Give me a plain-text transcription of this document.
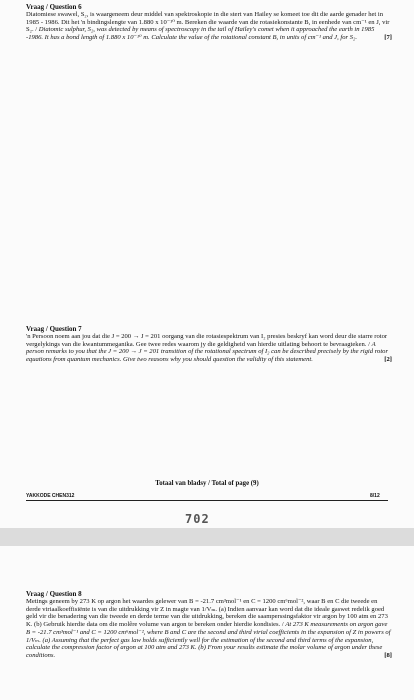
Vraag / Question 6
Diatomiese swawel, S₂, is waargeneem deur middel van spektroskopie in die stert van Hailey se komeet toe dit die aarde genader het in 1985 - 1986. Dit het 'n bindingslengte van 1.880 x 10⁻¹⁰ m. Bereken die waarde van die rotasiekonstante B, in eenhede van cm⁻¹ en J, vir S₂. / Diatomic sulphur, S₂, was detected by means of spectroscopy in the tail of Hailey's comet when it approached the earth in 1985 -1986. It has a bond length of 1.880 x 10⁻¹⁰ m. Calculate the value of the rotational constant B, in units of cm⁻¹ and J, for S₂.	[7]
Vraag / Question 7
'n Persoon noem aan jou dat die J = 200 → J = 201 oorgang van die rotasiespektrum van I₂ presies beskryf kan word deur die starre rotor vergelykings van die kwantummeganika. Gee twee redes waarom jy die geldigheid van hierdie uitlating behoort te bevraagteken. / A person remarks to you that the J = 200 → J = 201 transition of the rotational spectrum of I₂ can be described precisely by the rigid rotor equations from quantum mechanics. Give two reasons why you should question the validity of this statement.	[2]
Totaal van bladsy / Total of page (9)
YAKKODE CHEN312	8/12
702
Vraag / Question 8
Metings geneem by 273 K op argon het waardes gelewer van B = -21.7 cm³mol⁻¹ en C = 1200 cm⁶mol⁻², waar B en C die tweede en derde viriaalkoeffisiënte is van die uitdrukking vir Z in magte van 1/Vₘ. (a) Indien aanvaar kan word dat die ideale gaswet redelik goed geld vir die benadering van die tweede en derde terme van die uitdrukking, bereken die saamperssingsfaktor vir argon by 100 atm en 273 K. (b) Gebruik hierdie data om die molêre volume van argon te bereken onder hierdie kondisies. / At 273 K measurements on argon gave B = -21.7 cm³mol⁻¹ and C = 1200 cm⁶mol⁻², where B and C are the second and third virial coefficients in the expansion of Z in powers of 1/Vₘ. (a) Assuming that the perfect gas law holds sufficiently well for the estimation of the second and third terms of the expansion, calculate the compression factor of argon at 100 atm and 273 K. (b) From your results estimate the molar volume of argon under these conditions.	[8]
